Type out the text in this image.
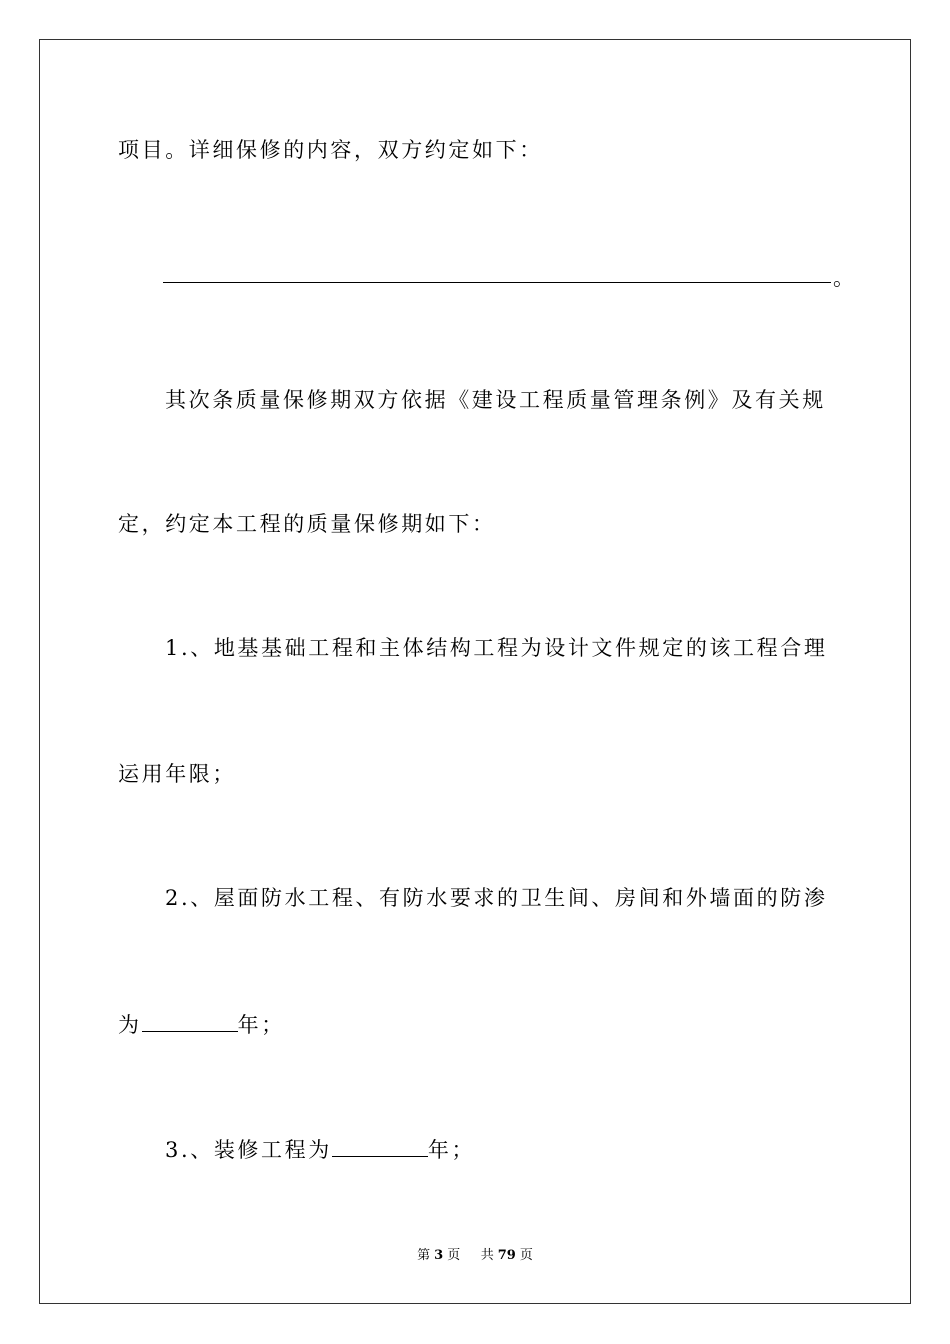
项目。详细保修的内容，双方约定如下：
。
其次条质量保修期双方依据《建设工程质量管理条例》及有关规
定，约定本工程的质量保修期如下：
1.、地基基础工程和主体结构工程为设计文件规定的该工程合理
运用年限；
2.、屋面防水工程、有防水要求的卫生间、房间和外墙面的防渗
为	年；
3.、装修工程为	年；
第 3 页 共 79 页
